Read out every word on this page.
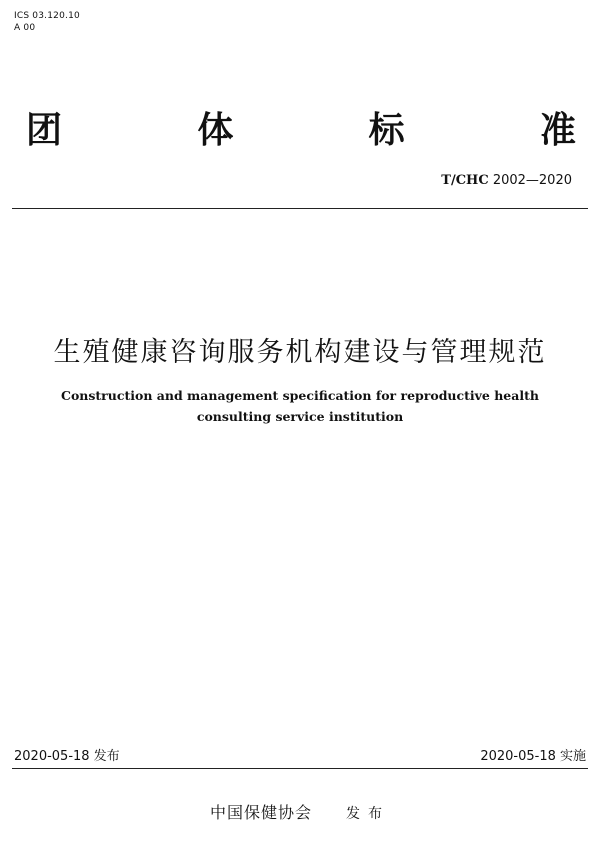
ICS 03.120.10
A 00
团	体	标	准
T/CHC 2002—2020
生殖健康咨询服务机构建设与管理规范
Construction and management specification for reproductive health
consulting service institution
2020-05-18 发布	2020-05-18 实施
中国保健协会 发布
